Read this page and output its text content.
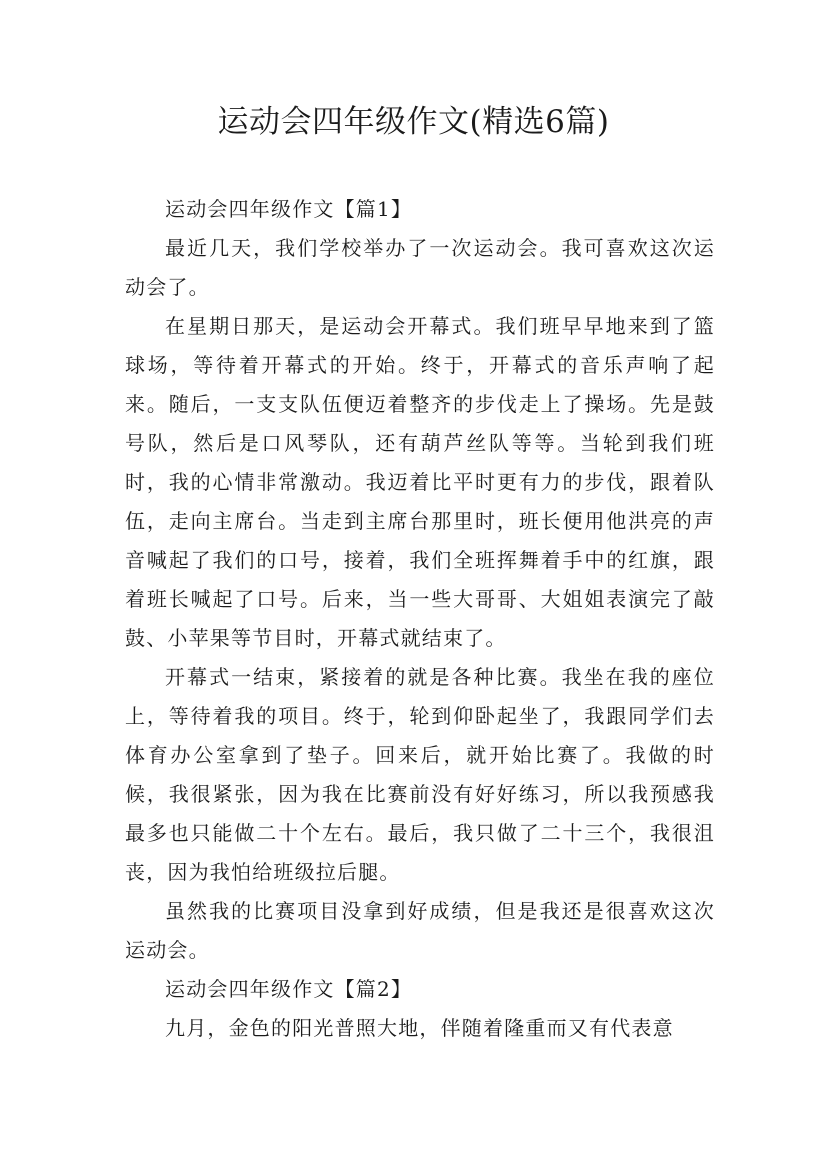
运动会四年级作文(精选6篇)

运动会四年级作文【篇1】

最近几天，我们学校举办了一次运动会。我可喜欢这次运动会了。

在星期日那天，是运动会开幕式。我们班早早地来到了篮球场，等待着开幕式的开始。终于，开幕式的音乐声响了起来。随后，一支支队伍便迈着整齐的步伐走上了操场。先是鼓号队，然后是口风琴队，还有葫芦丝队等等。当轮到我们班时，我的心情非常激动。我迈着比平时更有力的步伐，跟着队伍，走向主席台。当走到主席台那里时，班长便用他洪亮的声音喊起了我们的口号，接着，我们全班挥舞着手中的红旗，跟着班长喊起了口号。后来，当一些大哥哥、大姐姐表演完了敲鼓、小苹果等节目时，开幕式就结束了。

开幕式一结束，紧接着的就是各种比赛。我坐在我的座位上，等待着我的项目。终于，轮到仰卧起坐了，我跟同学们去体育办公室拿到了垫子。回来后，就开始比赛了。我做的时候，我很紧张，因为我在比赛前没有好好练习，所以我预感我最多也只能做二十个左右。最后，我只做了二十三个，我很沮丧，因为我怕给班级拉后腿。

虽然我的比赛项目没拿到好成绩，但是我还是很喜欢这次运动会。

运动会四年级作文【篇2】

九月，金色的阳光普照大地，伴随着隆重而又有代表意
